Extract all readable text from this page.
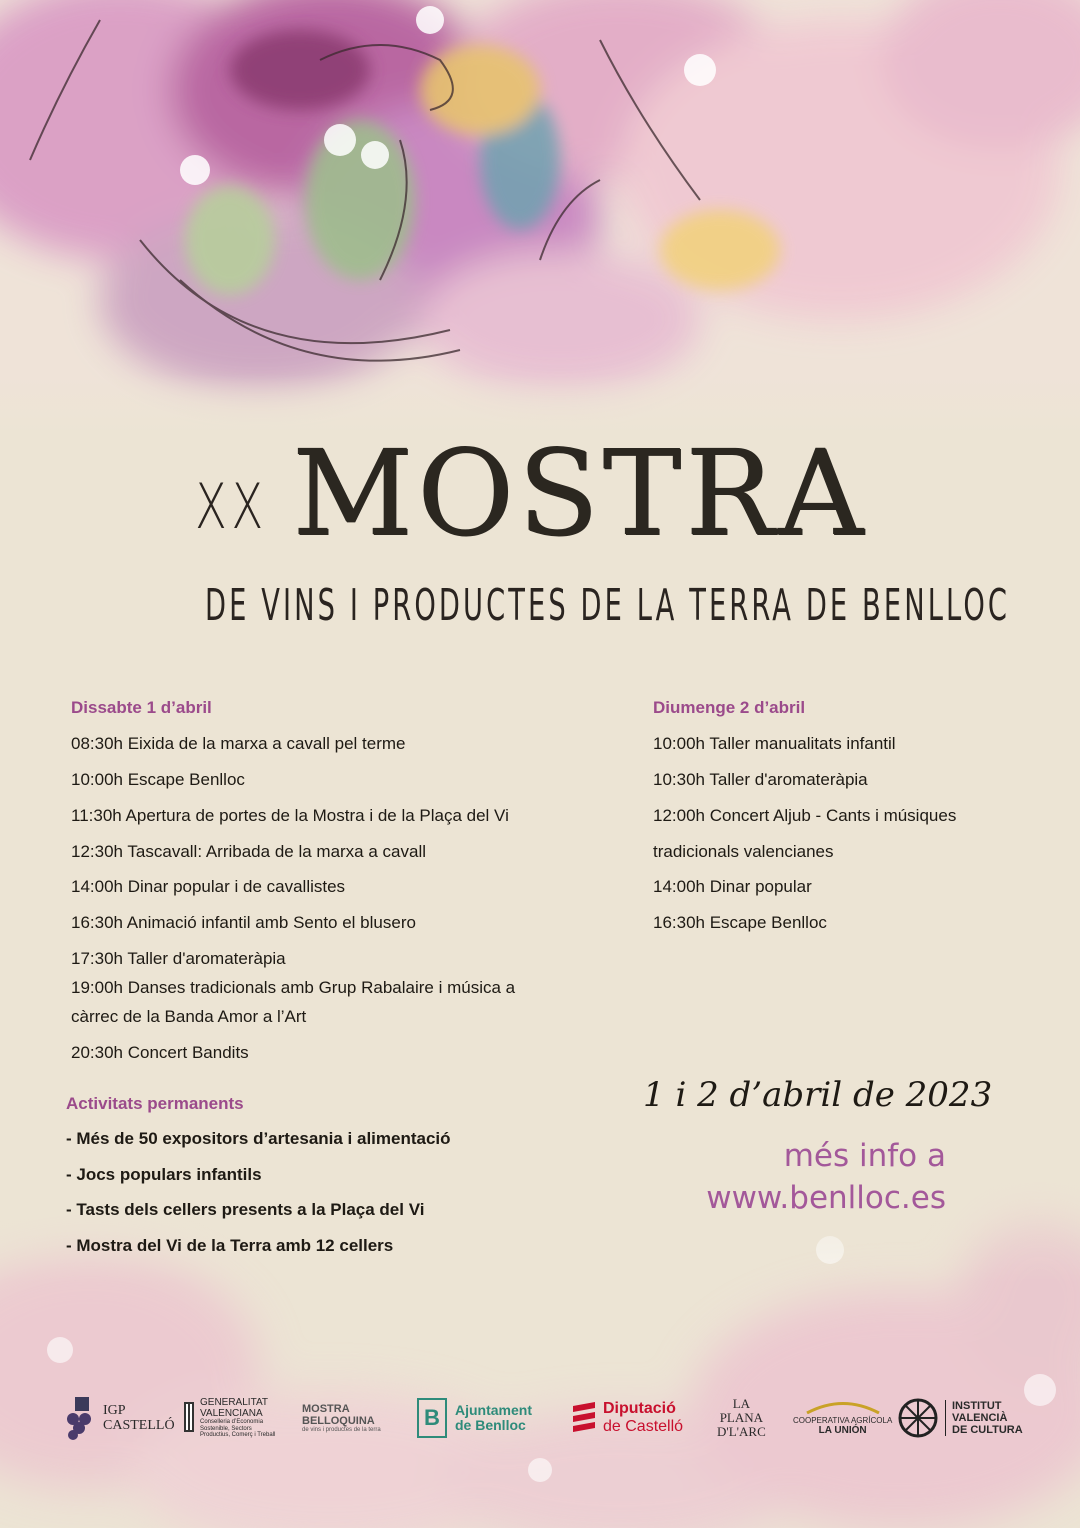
XX MOSTRA
DE VINS I PRODUCTES DE LA TERRA DE BENLLOC
Dissabte 1 d’abril
08:30h Eixida de la marxa a cavall pel terme
10:00h Escape Benlloc
11:30h Apertura de portes de la Mostra i de la Plaça del Vi
12:30h Tascavall: Arribada de la marxa a cavall
14:00h Dinar popular i de cavallistes
16:30h Animació infantil amb Sento el blusero
17:30h Taller d'aromateràpia
19:00h Danses tradicionals amb Grup Rabalaire i música a
càrrec de la Banda Amor a l’Art
20:30h Concert Bandits
Diumenge 2 d’abril
10:00h Taller manualitats infantil
10:30h Taller d'aromateràpia
12:00h Concert Aljub - Cants i músiques
tradicionals valencianes
14:00h Dinar popular
16:30h Escape Benlloc
Activitats permanents
- Més de 50 expositors d’artesania i alimentació
- Jocs populars infantils
- Tasts dels cellers presents a la Plaça del Vi
- Mostra del Vi de la Terra amb 12 cellers
1 i 2 d’abril de 2023
més info a
www.benlloc.es
IGP
CASTELLÓ
GENERALITAT
VALENCIANA
Conselleria d’Economia Sostenible, Sectors Productius, Comerç i Treball
MOSTRA
BELLOQUINA
de vins i productes de la terra	B	Ajuntament
de Benlloc
Diputació
de Castelló
LA
PLANA
D'L'ARC
COOPERATIVA AGRÍCOLA
LA UNIÓN
INSTITUT
VALENCIÀ
DE CULTURA
